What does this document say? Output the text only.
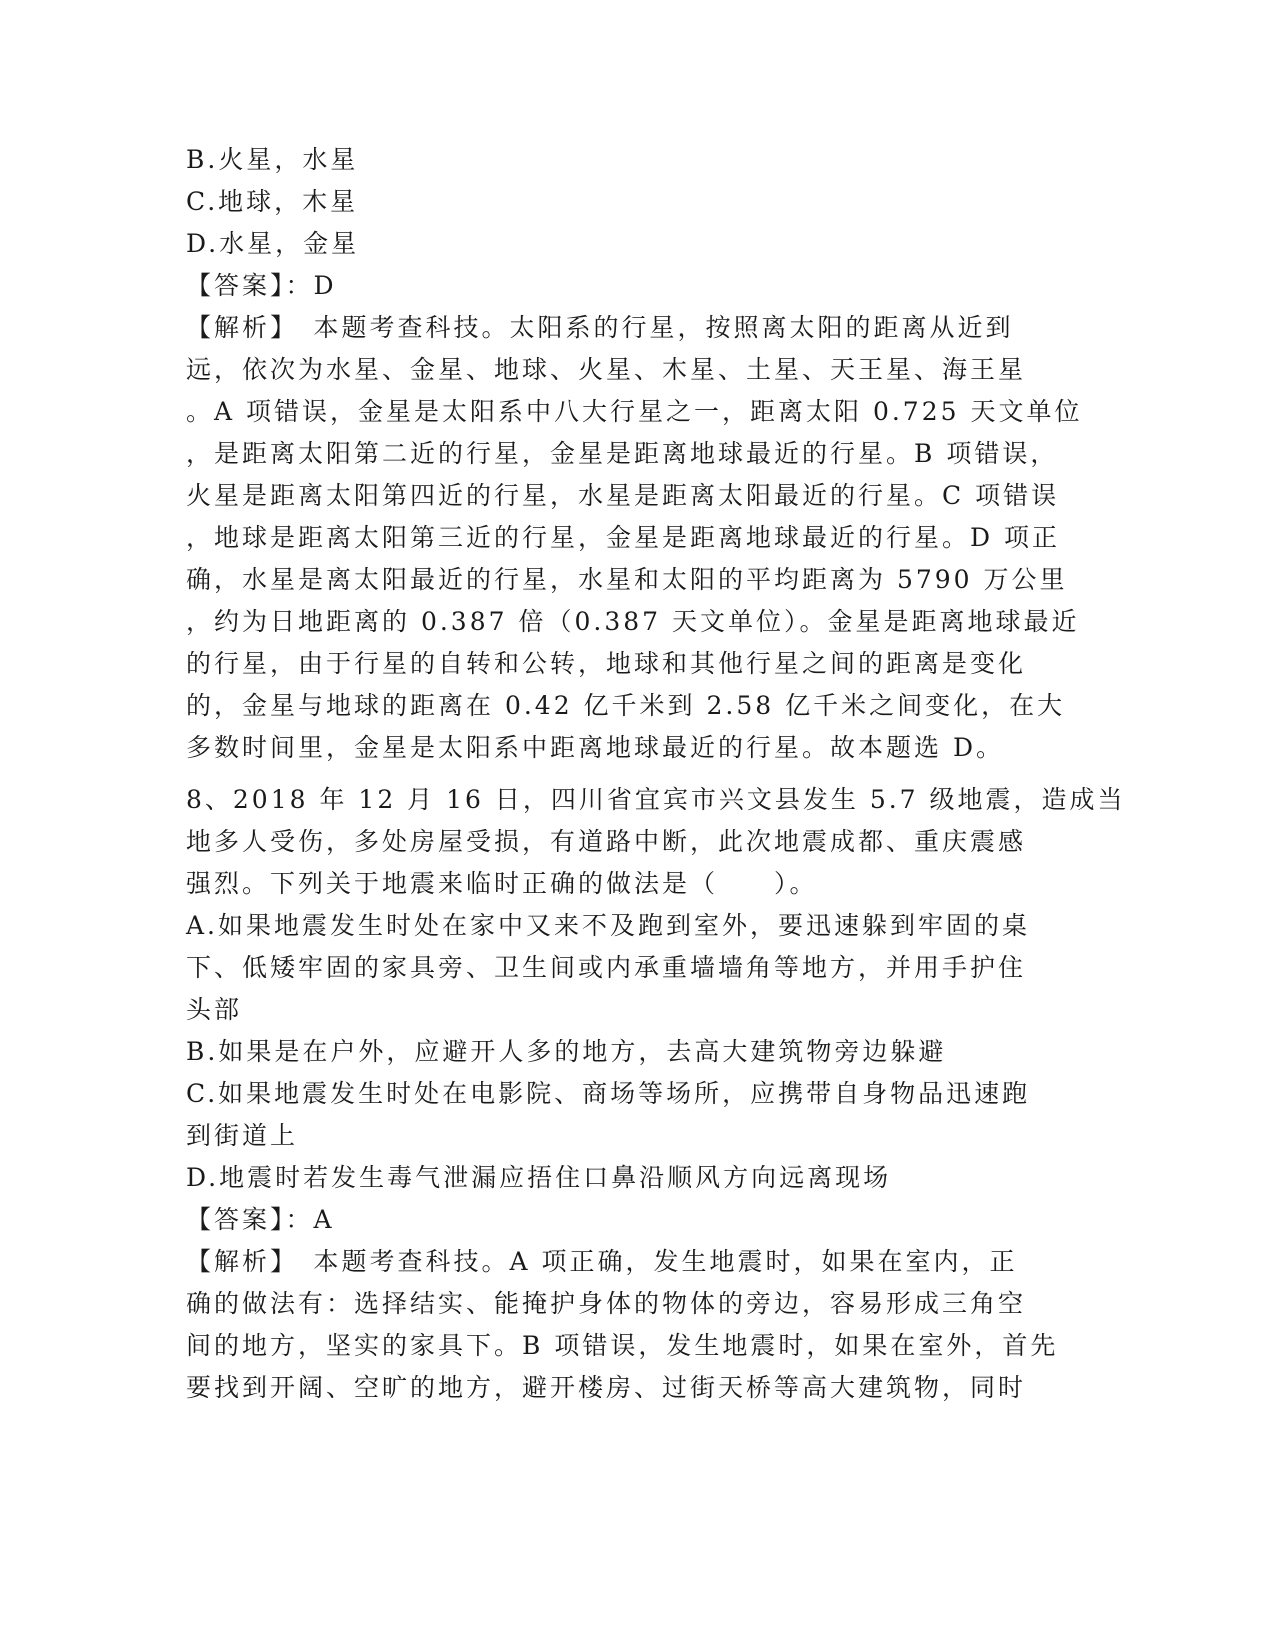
B.火星，水星
C.地球，木星
D.水星，金星
【答案】：D
【解析】　本题考查科技。太阳系的行星，按照离太阳的距离从近到
远，依次为水星、金星、地球、火星、木星、土星、天王星、海王星
。A 项错误，金星是太阳系中八大行星之一，距离太阳 0.725 天文单位
，是距离太阳第二近的行星，金星是距离地球最近的行星。B 项错误，
火星是距离太阳第四近的行星，水星是距离太阳最近的行星。C 项错误
，地球是距离太阳第三近的行星，金星是距离地球最近的行星。D 项正
确，水星是离太阳最近的行星，水星和太阳的平均距离为 5790 万公里
，约为日地距离的 0.387 倍（0.387 天文单位）。金星是距离地球最近
的行星，由于行星的自转和公转，地球和其他行星之间的距离是变化
的，金星与地球的距离在 0.42 亿千米到 2.58 亿千米之间变化，在大
多数时间里，金星是太阳系中距离地球最近的行星。故本题选 D。
8、2018 年 12 月 16 日，四川省宜宾市兴文县发生 5.7 级地震，造成当
地多人受伤，多处房屋受损，有道路中断，此次地震成都、重庆震感
强烈。下列关于地震来临时正确的做法是（　　）。
A.如果地震发生时处在家中又来不及跑到室外，要迅速躲到牢固的桌
下、低矮牢固的家具旁、卫生间或内承重墙墙角等地方，并用手护住
头部
B.如果是在户外，应避开人多的地方，去高大建筑物旁边躲避
C.如果地震发生时处在电影院、商场等场所，应携带自身物品迅速跑
到街道上
D.地震时若发生毒气泄漏应捂住口鼻沿顺风方向远离现场
【答案】：A
【解析】　本题考查科技。A 项正确，发生地震时，如果在室内，正
确的做法有：选择结实、能掩护身体的物体的旁边，容易形成三角空
间的地方，坚实的家具下。B 项错误，发生地震时，如果在室外，首先
要找到开阔、空旷的地方，避开楼房、过街天桥等高大建筑物，同时
